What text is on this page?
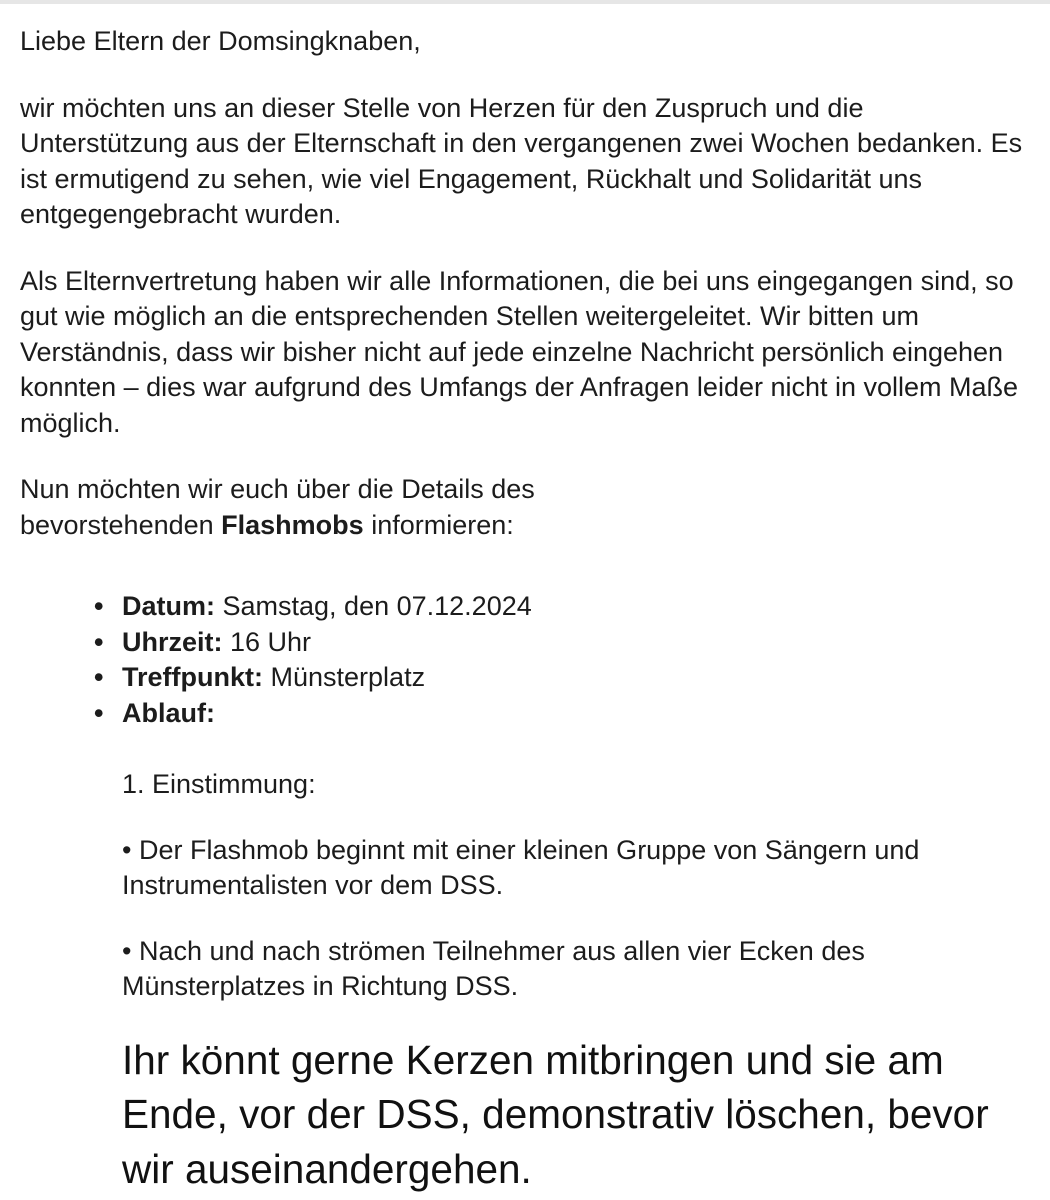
Liebe Eltern der Domsingknaben,

wir möchten uns an dieser Stelle von Herzen für den Zuspruch und die Unterstützung aus der Elternschaft in den vergangenen zwei Wochen bedanken. Es ist ermutigend zu sehen, wie viel Engagement, Rückhalt und Solidarität uns entgegengebracht wurden.

Als Elternvertretung haben wir alle Informationen, die bei uns eingegangen sind, so gut wie möglich an die entsprechenden Stellen weitergeleitet. Wir bitten um Verständnis, dass wir bisher nicht auf jede einzelne Nachricht persönlich eingehen konnten – dies war aufgrund des Umfangs der Anfragen leider nicht in vollem Maße möglich.

Nun möchten wir euch über die Details des
bevorstehenden Flashmobs informieren:

• Datum: Samstag, den 07.12.2024
• Uhrzeit: 16 Uhr
• Treffpunkt: Münsterplatz
• Ablauf:

1. Einstimmung:

• Der Flashmob beginnt mit einer kleinen Gruppe von Sängern und Instrumentalisten vor dem DSS.

• Nach und nach strömen Teilnehmer aus allen vier Ecken des Münsterplatzes in Richtung DSS.

Ihr könnt gerne Kerzen mitbringen und sie am Ende, vor der DSS, demonstrativ löschen, bevor wir auseinandergehen.
